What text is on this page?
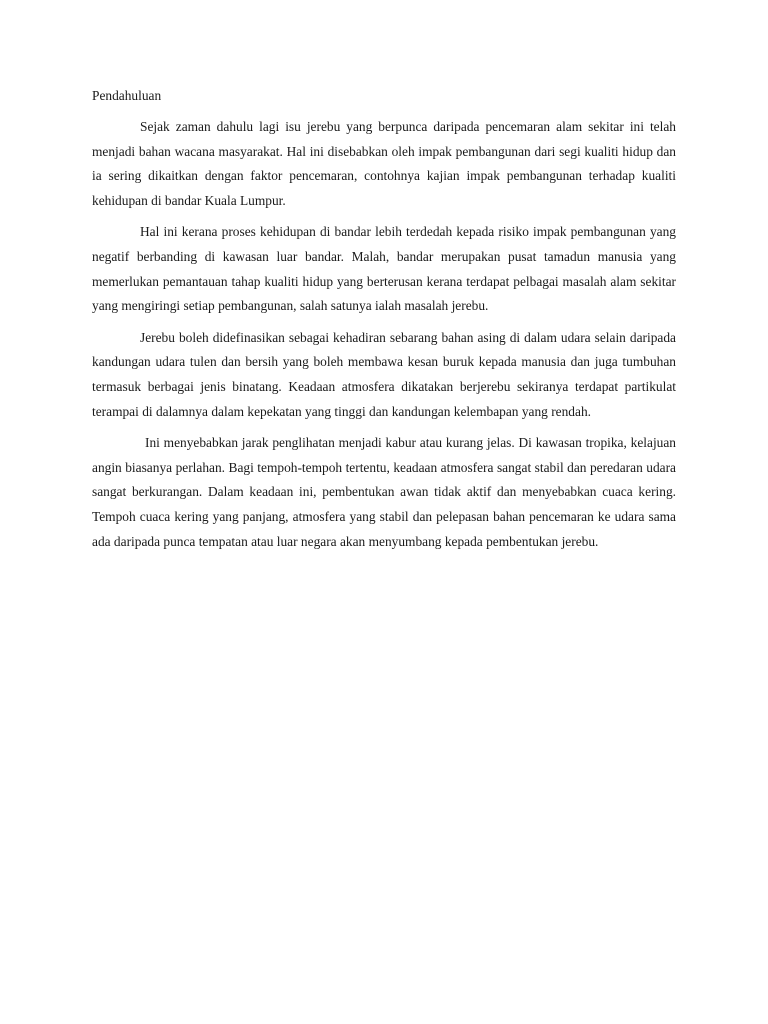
Pendahuluan

Sejak zaman dahulu lagi isu jerebu yang berpunca daripada pencemaran alam sekitar ini telah menjadi bahan wacana masyarakat. Hal ini disebabkan oleh impak pembangunan dari segi kualiti hidup dan ia sering dikaitkan dengan faktor pencemaran, contohnya kajian impak pembangunan terhadap kualiti kehidupan di bandar Kuala Lumpur.

Hal ini kerana proses kehidupan di bandar lebih terdedah kepada risiko impak pembangunan yang negatif berbanding di kawasan luar bandar. Malah, bandar merupakan pusat tamadun manusia yang memerlukan pemantauan tahap kualiti hidup yang berterusan kerana terdapat pelbagai masalah alam sekitar yang mengiringi setiap pembangunan, salah satunya ialah masalah jerebu.

Jerebu boleh didefinasikan sebagai kehadiran sebarang bahan asing di dalam udara selain daripada kandungan udara tulen dan bersih yang boleh membawa kesan buruk kepada manusia dan juga tumbuhan termasuk berbagai jenis binatang. Keadaan atmosfera dikatakan berjerebu sekiranya terdapat partikulat terampai di dalamnya dalam kepekatan yang tinggi dan kandungan kelembapan yang rendah.

Ini menyebabkan jarak penglihatan menjadi kabur atau kurang jelas. Di kawasan tropika, kelajuan angin biasanya perlahan. Bagi tempoh-tempoh tertentu, keadaan atmosfera sangat stabil dan peredaran udara sangat berkurangan. Dalam keadaan ini, pembentukan awan tidak aktif dan menyebabkan cuaca kering. Tempoh cuaca kering yang panjang, atmosfera yang stabil dan pelepasan bahan pencemaran ke udara sama ada daripada punca tempatan atau luar negara akan menyumbang kepada pembentukan jerebu.
